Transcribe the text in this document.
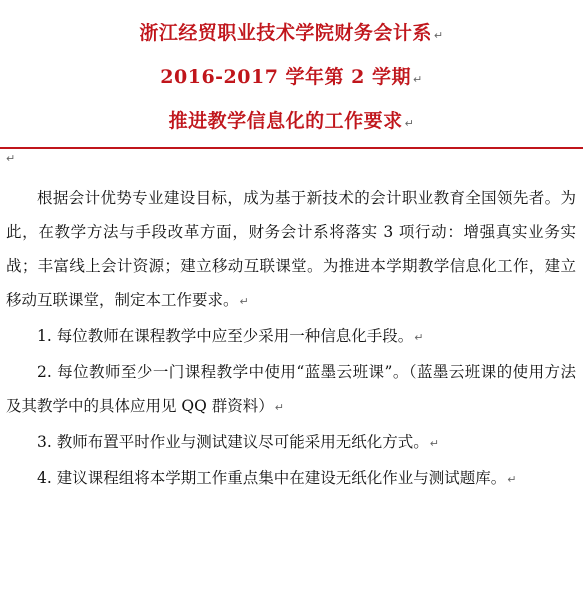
浙江经贸职业技术学院财务会计系 ↵
2016-2017 学年第 2 学期 ↵
推进教学信息化的工作要求 ↵
↵

根据会计优势专业建设目标，成为基于新技术的会计职业教育全国领先者。为此，在教学方法与手段改革方面，财务会计系将落实 3 项行动：增强真实业务实战；丰富线上会计资源；建立移动互联课堂。为推进本学期教学信息化工作，建立移动互联课堂，制定本工作要求。↵

1. 每位教师在课程教学中应至少采用一种信息化手段。↵

2. 每位教师至少一门课程教学中使用“蓝墨云班课”。（蓝墨云班课的使用方法及其教学中的具体应用见 QQ 群资料）↵

3. 教师布置平时作业与测试建议尽可能采用无纸化方式。↵

4. 建议课程组将本学期工作重点集中在建设无纸化作业与测试题库。↵
